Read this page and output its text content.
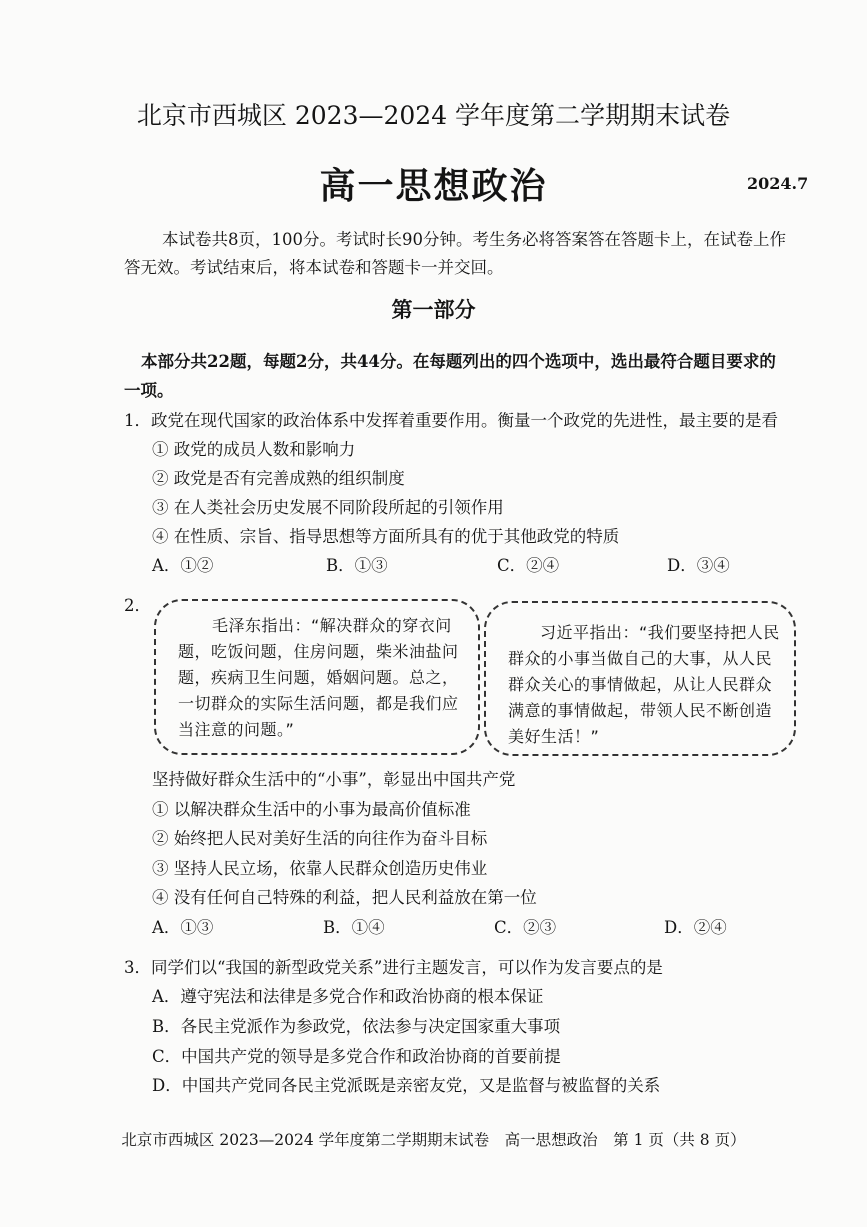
北京市西城区 2023—2024 学年度第二学期期末试卷
高一思想政治	2024.7
本试卷共8页，100分。考试时长90分钟。考生务必将答案答在答题卡上，在试卷上作
答无效。考试结束后，将本试卷和答题卡一并交回。
第一部分
本部分共22题，每题2分，共44分。在每题列出的四个选项中，选出最符合题目要求的
一项。
1．政党在现代国家的政治体系中发挥着重要作用。衡量一个政党的先进性，最主要的是看
① 政党的成员人数和影响力
② 政党是否有完善成熟的组织制度
③ 在人类社会历史发展不同阶段所起的引领作用
④ 在性质、宗旨、指导思想等方面所具有的优于其他政党的特质
A．①②	B．①③	C．②④	D．③④
2．
毛泽东指出：“解决群众的穿衣问题，吃饭问题，住房问题，柴米油盐问题，疾病卫生问题，婚姻问题。总之，一切群众的实际生活问题，都是我们应当注意的问题。”
习近平指出：“我们要坚持把人民群众的小事当做自己的大事，从人民群众关心的事情做起，从让人民群众满意的事情做起，带领人民不断创造美好生活！”
坚持做好群众生活中的“小事”，彰显出中国共产党
① 以解决群众生活中的小事为最高价值标准
② 始终把人民对美好生活的向往作为奋斗目标
③ 坚持人民立场，依靠人民群众创造历史伟业
④ 没有任何自己特殊的利益，把人民利益放在第一位
A．①③	B．①④	C．②③	D．②④
3．同学们以“我国的新型政党关系”进行主题发言，可以作为发言要点的是
A．遵守宪法和法律是多党合作和政治协商的根本保证
B．各民主党派作为参政党，依法参与决定国家重大事项
C．中国共产党的领导是多党合作和政治协商的首要前提
D．中国共产党同各民主党派既是亲密友党，又是监督与被监督的关系
北京市西城区 2023—2024 学年度第二学期期末试卷　高一思想政治　第 1 页（共 8 页）
